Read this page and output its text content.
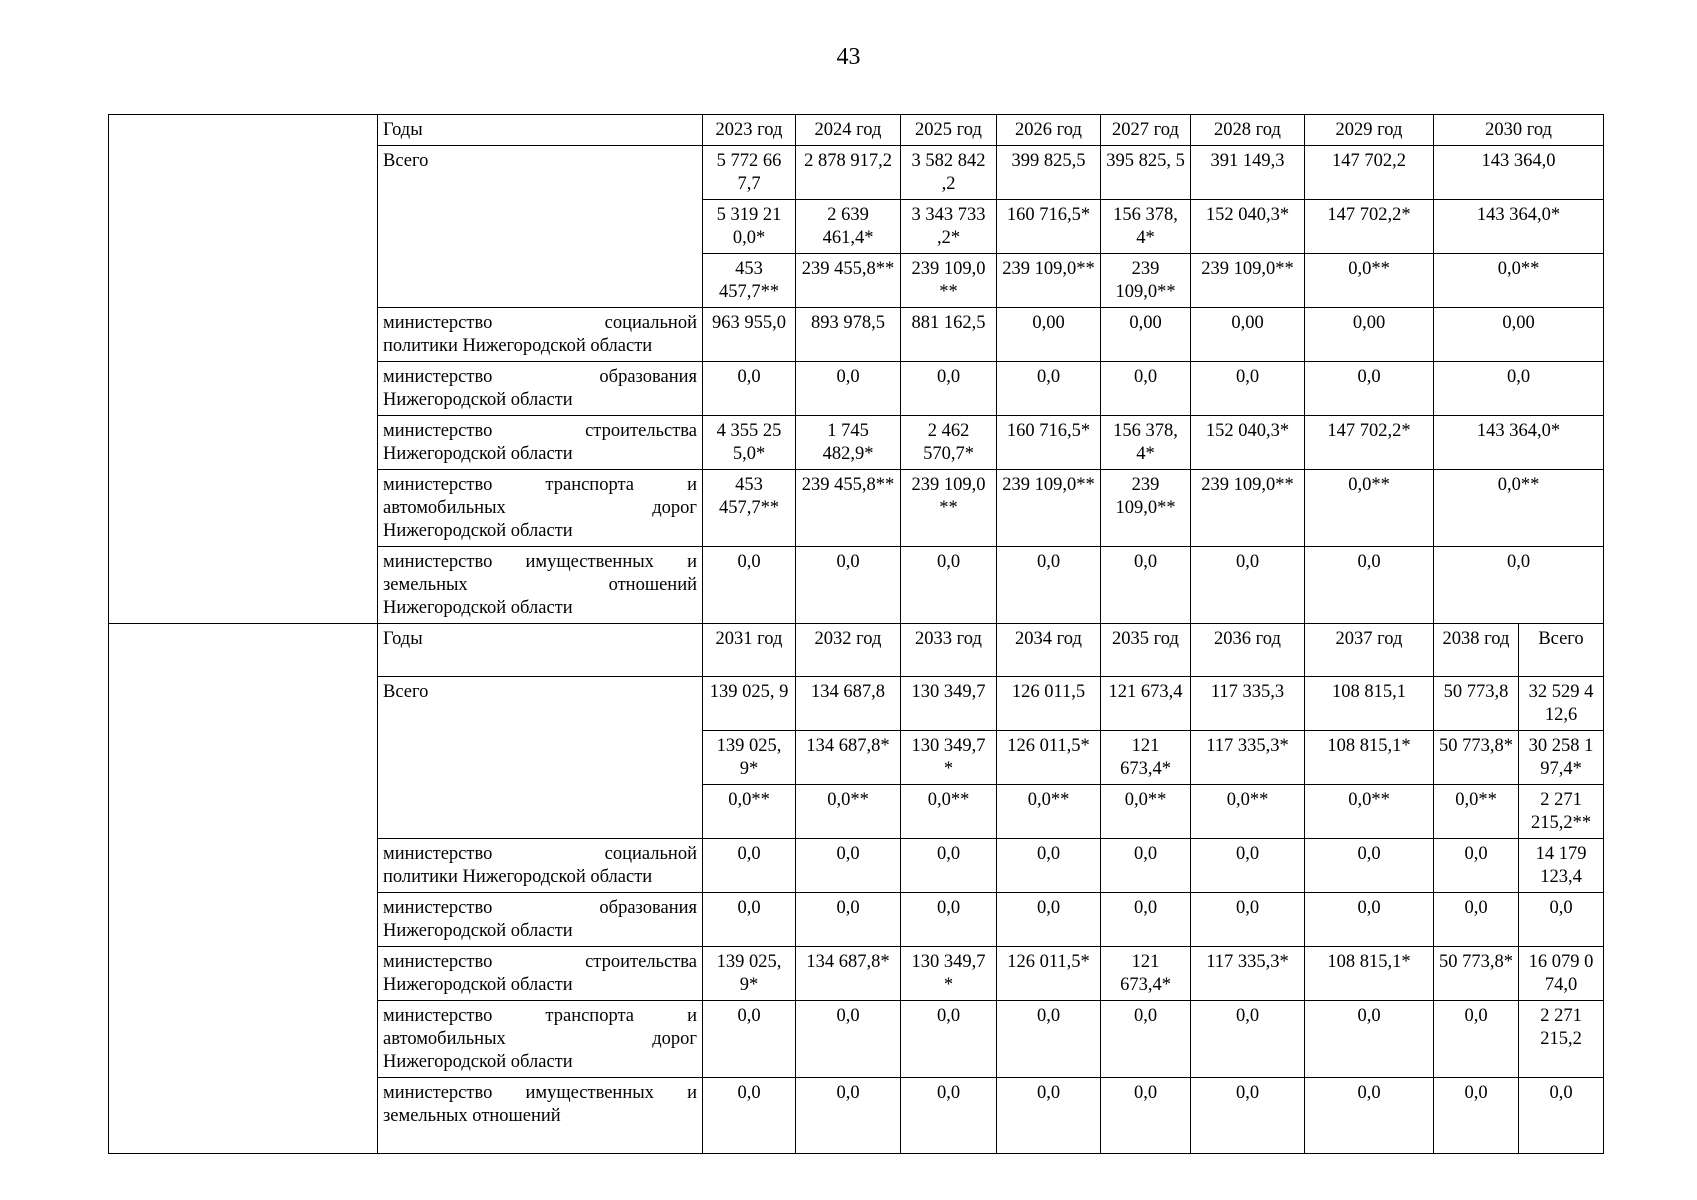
43
	Годы	2023 год	2024 год	2025 год	2026 год	2027 год	2028 год	2029 год	2030 год	
	Всего	5 772 66 7,7	2 878 917,2	3 582 842 ,2	399 825,5	395 825, 5	391 149,3	147 702,2	143 364,0	
		5 319 21 0,0*	2 639 461,4*	3 343 733 ,2*	160 716,5*	156 378, 4*	152 040,3*	147 702,2*	143 364,0*	
		453 457,7**	239 455,8**	239 109,0 **	239 109,0**	239 109,0**	239 109,0**	0,0**	0,0**	

	министерство социальной
политики Нижегородской области	963 955,0	893 978,5	881 162,5	0,00	0,00	0,00	0,00	0,00	

	министерство образования
Нижегородской области	0,0	0,0	0,0	0,0	0,0	0,0	0,0	0,0	

	министерство строительства
Нижегородской области	4 355 25 5,0*	1 745 482,9*	2 462 570,7*	160 716,5*	156 378, 4*	152 040,3*	147 702,2*	143 364,0*	

	министерство транспорта и
автомобильных дорог
Нижегородской области	453 457,7**	239 455,8**	239 109,0 **	239 109,0**	239 109,0**	239 109,0**	0,0**	0,0**	

	министерство имущественных и
земельных отношений
Нижегородской области	0,0	0,0	0,0	0,0	0,0	0,0	0,0	0,0	
	Годы	2031 год	2032 год	2033 год	2034 год	2035 год	2036 год	2037 год	2038 год	Всего
	Всего	139 025, 9	134 687,8	130 349,7	126 011,5	121 673,4	117 335,3	108 815,1	50 773,8	32 529 4 12,6
		139 025, 9*	134 687,8*	130 349,7 *	126 011,5*	121 673,4*	117 335,3*	108 815,1*	50 773,8*	30 258 1 97,4*
		0,0**	0,0**	0,0**	0,0**	0,0**	0,0**	0,0**	0,0**	2 271 215,2**

	министерство социальной
политики Нижегородской области	0,0	0,0	0,0	0,0	0,0	0,0	0,0	0,0	14 179 123,4

	министерство образования
Нижегородской области	0,0	0,0	0,0	0,0	0,0	0,0	0,0	0,0	0,0

	министерство строительства
Нижегородской области	139 025, 9*	134 687,8*	130 349,7 *	126 011,5*	121 673,4*	117 335,3*	108 815,1*	50 773,8*	16 079 0 74,0

	министерство транспорта и
автомобильных дорог
Нижегородской области	0,0	0,0	0,0	0,0	0,0	0,0	0,0	0,0	2 271 215,2

	министерство имущественных и
земельных отношений	0,0	0,0	0,0	0,0	0,0	0,0	0,0	0,0	0,0
